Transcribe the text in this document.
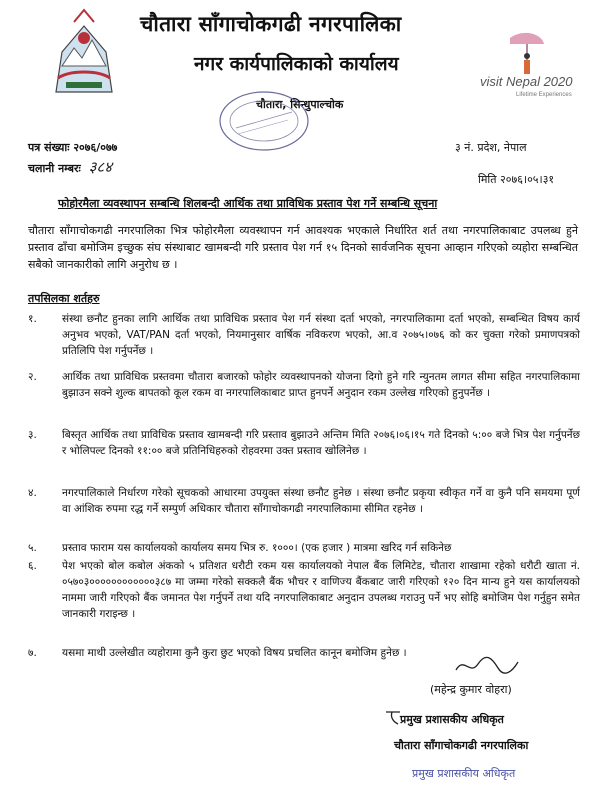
चौतारा साँगाचोकगढी नगरपालिका
नगर कार्यपालिकाको कार्यालय
चौतारा, सिन्धुपाल्चोक
visit Nepal 2020
Lifetime Experiences
पत्र संख्याः २०७६/०७७
चलानी नम्बरः ३८४
३ नं. प्रदेश, नेपाल
मिति २०७६।०५।३१
फोहोरमैला व्यवस्थापन सम्बन्धि शिलबन्दी आर्थिक तथा प्राविधिक प्रस्ताव पेश गर्ने सम्बन्धि सूचना
चौतारा साँगाचोकगढी नगरपालिका भित्र फोहोरमैला व्यवस्थापन गर्न आवश्यक भएकाले निर्धारित शर्त तथा नगरपालिकाबाट उपलब्ध हुने प्रस्ताव ढाँचा बमोजिम इच्छुक संघ संस्थाबाट खामबन्दी गरि प्रस्ताव पेश गर्न १५ दिनको सार्वजनिक सूचना आव्हान गरिएको व्यहोरा सम्बन्धित सबैको जानकारीको लागि अनुरोध छ ।
तपसिलका शर्तहरु
१.	संस्था छनौट हुनका लागि आर्थिक तथा प्राविधिक प्रस्ताव पेश गर्न संस्था दर्ता भएको, नगरपालिकामा दर्ता भएको, सम्बन्धित विषय कार्य अनुभव भएको, VAT/PAN दर्ता भएको, नियमानुसार वार्षिक नविकरण भएको, आ.व २०७५।०७६ को कर चुक्ता गरेको प्रमाणपत्रको प्रतिलिपि पेश गर्नुपर्नेछ ।
२.	आर्थिक तथा प्राविधिक प्रस्तवमा चौतारा बजारको फोहोर व्यवस्थापनको योजना दिगो हुने गरि न्युनतम लागत सीमा सहित नगरपालिकामा बुझाउन सक्ने शुल्क बापतको कूल रकम वा नगरपालिकाबाट प्राप्त हुनपर्ने अनुदान रकम उल्लेख गरिएको हुनुपर्नेछ ।
३.	बिस्तृत आर्थिक तथा प्राविधिक प्रस्ताव खामबन्दी गरि प्रस्ताव बुझाउने अन्तिम मिति २०७६।०६।१५ गते दिनको ५:०० बजे भित्र पेश गर्नुपर्नेछ र भोलिपल्ट दिनको ११:०० बजे प्रतिनिधिहरुको रोहवरमा उक्त प्रस्ताव खोलिनेछ ।
४.	नगरपालिकाले निर्धारण गरेको सूचकको आधारमा उपयुक्त संस्था छनौट हुनेछ । संस्था छनौट प्रकृया स्वीकृत गर्ने वा कुनै पनि समयमा पूर्ण वा आंशिक रुपमा रद्ध गर्ने सम्पुर्ण अधिकार चौतारा साँगाचोकगढी नगरपालिकामा सीमित रहनेछ ।
५.	प्रस्ताव फाराम यस कार्यालयको कार्यालय समय भित्र रु. १०००। (एक हजार ) मात्रमा खरिद गर्न सकिनेछ
६.	पेश भएको बोल कबोल अंकको ५ प्रतिशत धरौटी रकम यस कार्यालयको नेपाल बैंक लिमिटेड, चौतारा शाखामा रहेको धरौटी खाता नं. ०५७०३००००००००००००३८७ मा जम्मा गरेको सक्कलै बैंक भौचर र वाणिज्य बैंकबाट जारी गरिएको १२० दिन मान्य हुने यस कार्यालयको नाममा जारी गरिएको बैंक जमानत पेश गर्नुपर्ने तथा यदि नगरपालिकाबाट अनुदान उपलब्ध गराउनु पर्ने भए सोहि बमोजिम पेश गर्नुहुन समेत जानकारी गराइन्छ ।
७.	यसमा माथी उल्लेखीत व्यहोरामा कुनै कुरा छुट भएको विषय प्रचलित कानून बमोजिम हुनेछ ।
(महेन्द्र कुमार वोहरा)
प्रमुख प्रशासकीय अधिकृत
चौतारा साँगाचोकगढी नगरपालिका
प्रमुख प्रशासकीय अधिकृत
